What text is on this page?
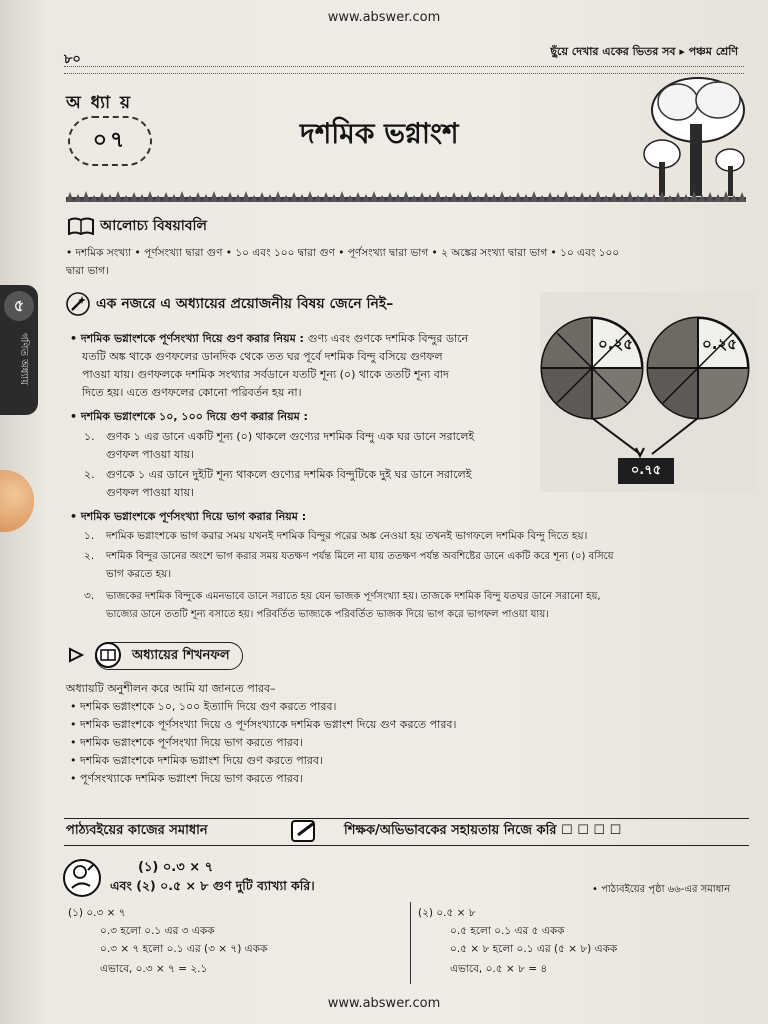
www.abswer.com
৮০
ছুঁয়ে দেখার একের ভিতর সব ▸ পঞ্চম শ্রেণি
অ ধ্যা য়
০৭	দশমিক ভগ্নাংশ
আলোচ্য বিষয়াবলি
• দশমিক সংখ্যা • পূর্ণসংখ্যা দ্বারা গুণ • ১০ এবং ১০০ দ্বারা গুণ • পূর্ণসংখ্যা দ্বারা ভাগ • ২ অঙ্কের সংখ্যা দ্বারা ভাগ • ১০ এবং ১০০
দ্বারা ভাগ।
৫
গণিত অধ্যায়
এক নজরে এ অধ্যায়ের প্রয়োজনীয় বিষয় জেনে নিই–
• দশমিক ভগ্নাংশকে পূর্ণসংখ্যা দিয়ে গুণ করার নিয়ম : গুণ্য এবং গুণকে দশমিক বিন্দুর ডানে
যতটি অঙ্ক থাকে গুণফলের ডানদিক থেকে তত ঘর পূর্বে দশমিক বিন্দু বসিয়ে গুণফল
পাওয়া যায়। গুণফলকে দশমিক সংখ্যার সর্বডানে যতটি শূন্য (০) থাকে ততটি শূন্য বাদ
দিতে হয়। এতে গুণফলের কোনো পরিবর্তন হয় না।
• দশমিক ভগ্নাংশকে ১০, ১০০ দিয়ে গুণ করার নিয়ম :
১. গুণক ১ এর ডানে একটি শূন্য (০) থাকলে গুণ্যের দশমিক বিন্দু এক ঘর ডানে সরালেই
গুণফল পাওয়া যায়।
২. গুণকে ১ এর ডানে দুইটি শূন্য থাকলে গুণ্যের দশমিক বিন্দুটিকে দুই ঘর ডানে সরালেই
গুণফল পাওয়া যায়।
০.২৫	০.২৫
০.৭৫
• দশমিক ভগ্নাংশকে পূর্ণসংখ্যা দিয়ে ভাগ করার নিয়ম :
১. দশমিক ভগ্নাংশকে ভাগ করার সময় যখনই দশমিক বিন্দুর পরের অঙ্ক নেওয়া হয় তখনই ভাগফলে দশমিক বিন্দু দিতে হয়।
২. দশমিক বিন্দুর ডানের অংশে ভাগ করার সময় যতক্ষণ পর্যন্ত মিলে না যায় ততক্ষণ পর্যন্ত অবশিষ্টের ডানে একটি করে শূন্য (০) বসিয়ে
ভাগ করতে হয়।
৩. ভাজকের দশমিক বিন্দুকে এমনভাবে ডানে সরাতে হয় যেন ভাজক পূর্ণসংখ্যা হয়। তাজকে দশমিক বিন্দু যতঘর ডানে সরানো হয়,
ভাজ্যের ডানে ততটি শূন্য বসাতে হয়। পরিবর্তিত ভাজ্যকে পরিবর্তিত ভাজক দিয়ে ভাগ করে ভাগফল পাওয়া যায়।
অধ্যায়ের শিখনফল
অধ্যায়টি অনুশীলন করে আমি যা জানতে পারব–
• দশমিক ভগ্নাংশকে ১০, ১০০ ইত্যাদি দিয়ে গুণ করতে পারব।
• দশমিক ভগ্নাংশকে পূর্ণসংখ্যা দিয়ে ও পূর্ণসংখ্যাকে দশমিক ভগ্নাংশ দিয়ে গুণ করতে পারব।
• দশমিক ভগ্নাংশকে পূর্ণসংখ্যা দিয়ে ভাগ করতে পারব।
• দশমিক ভগ্নাংশকে দশমিক ভগ্নাংশ দিয়ে গুণ করতে পারব।
• পূর্ণসংখ্যাকে দশমিক ভগ্নাংশ দিয়ে ভাগ করতে পারব।
পাঠ্যবইয়ের কাজের সমাধান	শিক্ষক/অভিভাবকের সহায়তায় নিজে করি ☐ ☐ ☐ ☐
(১) ০.৩ × ৭
এবং (২) ০.৫ × ৮ গুণ দুটি ব্যাখ্যা করি।	• পাঠ্যবইয়ের পৃষ্ঠা ৬৬-এর সমাধান
(১) ০.৩ × ৭
০.৩ হলো ০.১ এর ৩ একক
০.৩ × ৭ হলো ০.১ এর (৩ × ৭) একক
এভাবে, ০.৩ × ৭ = ২.১
(২) ০.৫ × ৮
০.৫ হলো ০.১ এর ৫ একক
০.৫ × ৮ হলো ০.১ এর (৫ × ৮) একক
এভাবে, ০.৫ × ৮ = ৪
www.abswer.com
